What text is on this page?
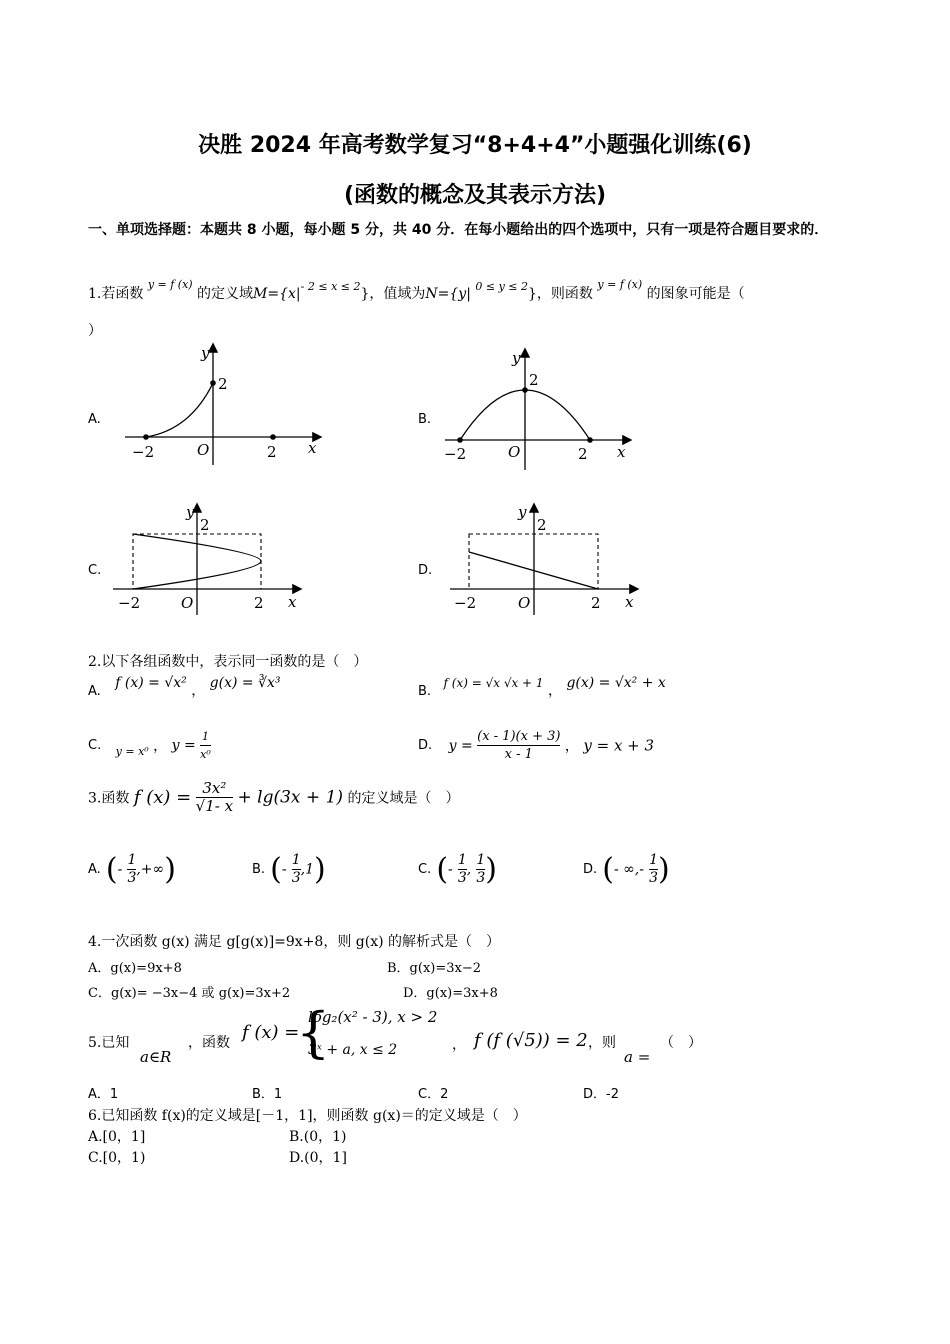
决胜 2024 年高考数学复习“8+4+4”小题强化训练(6)
(函数的概念及其表示方法)
一、单项选择题：本题共 8 小题，每小题 5 分，共 40 分．在每小题给出的四个选项中，只有一项是符合题目要求的．
1.若函数 $^{y = f (x)}$ 的定义域$M=\{x|^{- 2 \le x \le 2}\}$，值域为N={y| $^{0 \le y \le 2}$}，则函数 $^{y = f (x)}$ 的图象可能是（
）
A.	B.
C.	D.
y
x
O
2
2
−2
y
x
O
2
2
−2
y
x
O
2
2
−2
y
x
O
2
2
−2
2.以下各组函数中，表示同一函数的是（　）
A. f (x) = √x² ， g(x) = ∛x³
B. f (x) = √x √x + 1 ， g(x) = √x² + x
C. $_{y = x^0}$ ， $y = \frac{1}{\text{x⁰}}$	D. $y = \frac{(x - 1)(x + 3)}{x - 1}$ ， y = x + 3
3.函数 f $(x) = \frac{\text{3x²}}{√1- x} + \lg(3x + 1)$ 的定义域是（　）
A. (- $\frac{1}{3}$ ,+∞)	B. (- $\frac{1}{3} ,1$)	C. (- $\frac{1}{3}$ , $\frac{1}{3}$ )	D. (- ∞,- $\frac{1}{3}$ )
4.一次函数 g(x) 满足 g[g(x)]=9x+8，则 g(x) 的解析式是（　）
A．g(x)=9x+8	B．g(x)=3x−2
C．g(x)= −3x−4 或 g(x)=3x+2	D．g(x)=3x+8
5.已知
a∈R
，函数 f (x) =
{
log₂(x² - 3), x > 2
3ˣ + a, x ≤ 2	， f (f (√5)) = 2 ，则
a =
（　）
A．1	B．1	C．2	D．-2
6.已知函数 f(x)的定义域是[－1，1]，则函数 g(x)＝的定义域是（　）
A.[0，1]	B.(0，1)
C.[0，1)	D.(0，1]
